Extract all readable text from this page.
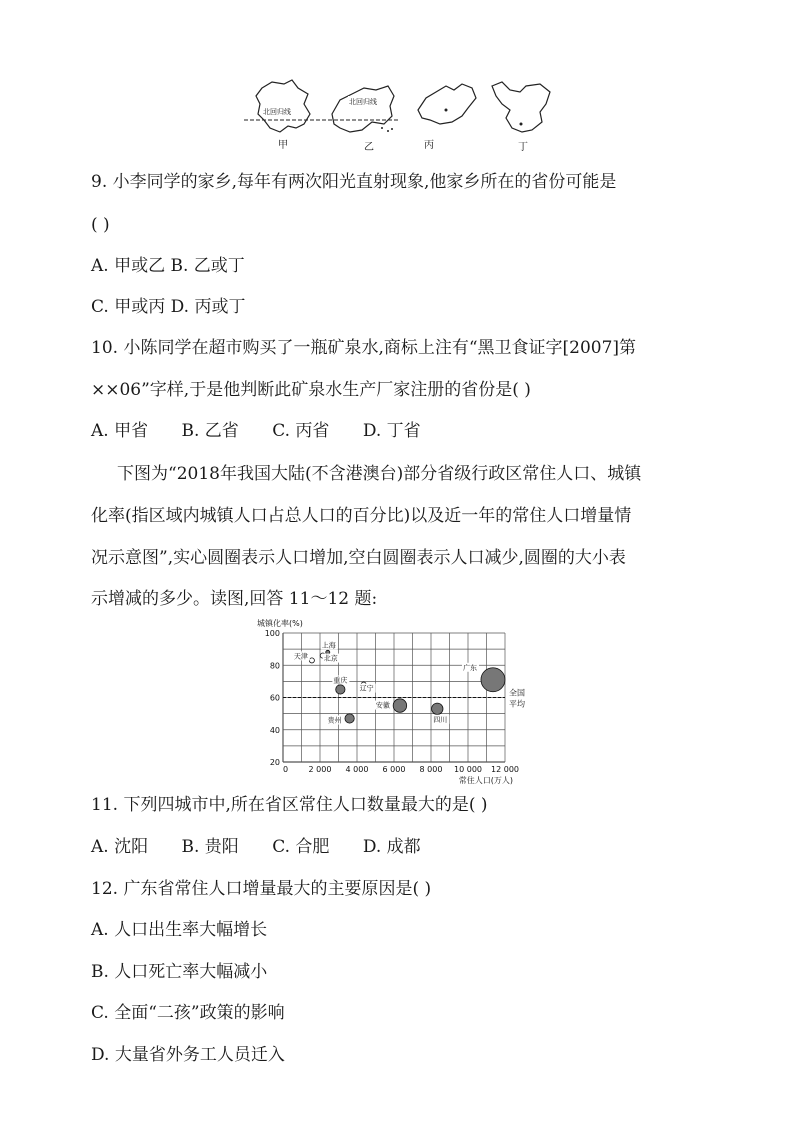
北回归线
北回归线
甲	乙	丙	丁
9. 小李同学的家乡,每年有两次阳光直射现象,他家乡所在的省份可能是
( )
A. 甲或乙 B. 乙或丁
C. 甲或丙 D. 丙或丁
10. 小陈同学在超市购买了一瓶矿泉水,商标上注有“黑卫食证字[2007]第
××06”字样,于是他判断此矿泉水生产厂家注册的省份是( )
A. 甲省 B. 乙省 C. 丙省 D. 丁省
下图为“2018年我国大陆(不含港澳台)部分省级行政区常住人口、城镇
化率(指区域内城镇人口占总人口的百分比)以及近一年的常住人口增量情
况示意图”,实心圆圈表示人口增加,空白圆圈表示人口减少,圆圈的大小表
示增减的多少。读图,回答 11～12 题:
全国
平均
20
40
60
80
100
0	2 000 4 000 6 000 8 000 10 000 12 000
城镇化率(%)
常住人口(万人)
上海
天津 北京
重庆
辽宁
贵州
安徽
四川
广东
11. 下列四城市中,所在省区常住人口数量最大的是( )
A. 沈阳 B. 贵阳 C. 合肥 D. 成都
12. 广东省常住人口增量最大的主要原因是( )
A. 人口出生率大幅增长
B. 人口死亡率大幅减小
C. 全面“二孩”政策的影响
D. 大量省外务工人员迁入
